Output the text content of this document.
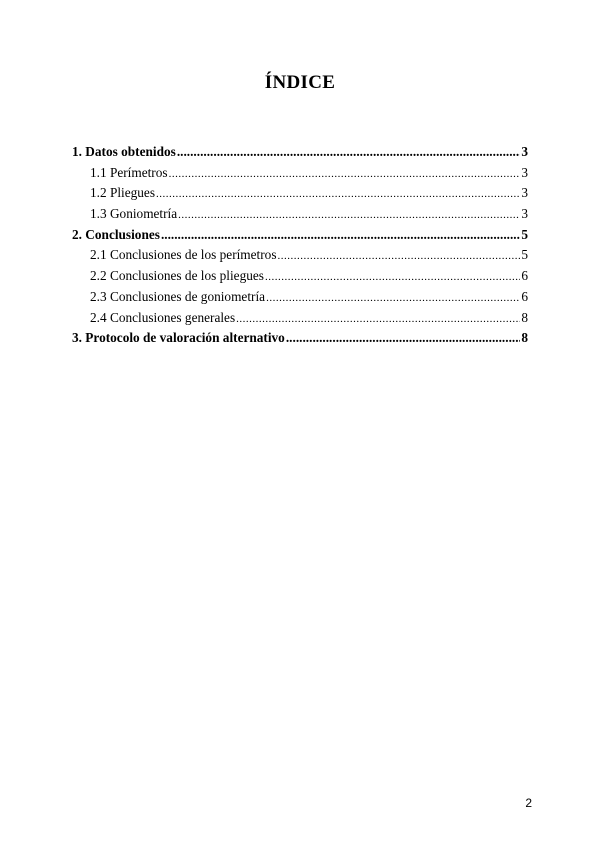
ÍNDICE
1. Datos obtenidos .....	3
1.1 Perímetros .....	3
1.2 Pliegues .....	3
1.3 Goniometría .....	3
2. Conclusiones .....	5
2.1 Conclusiones de los perímetros .....	5
2.2 Conclusiones de los pliegues .....	6
2.3 Conclusiones de goniometría .....	6
2.4 Conclusiones generales .....	8
3. Protocolo de valoración alternativo .....	8
2
